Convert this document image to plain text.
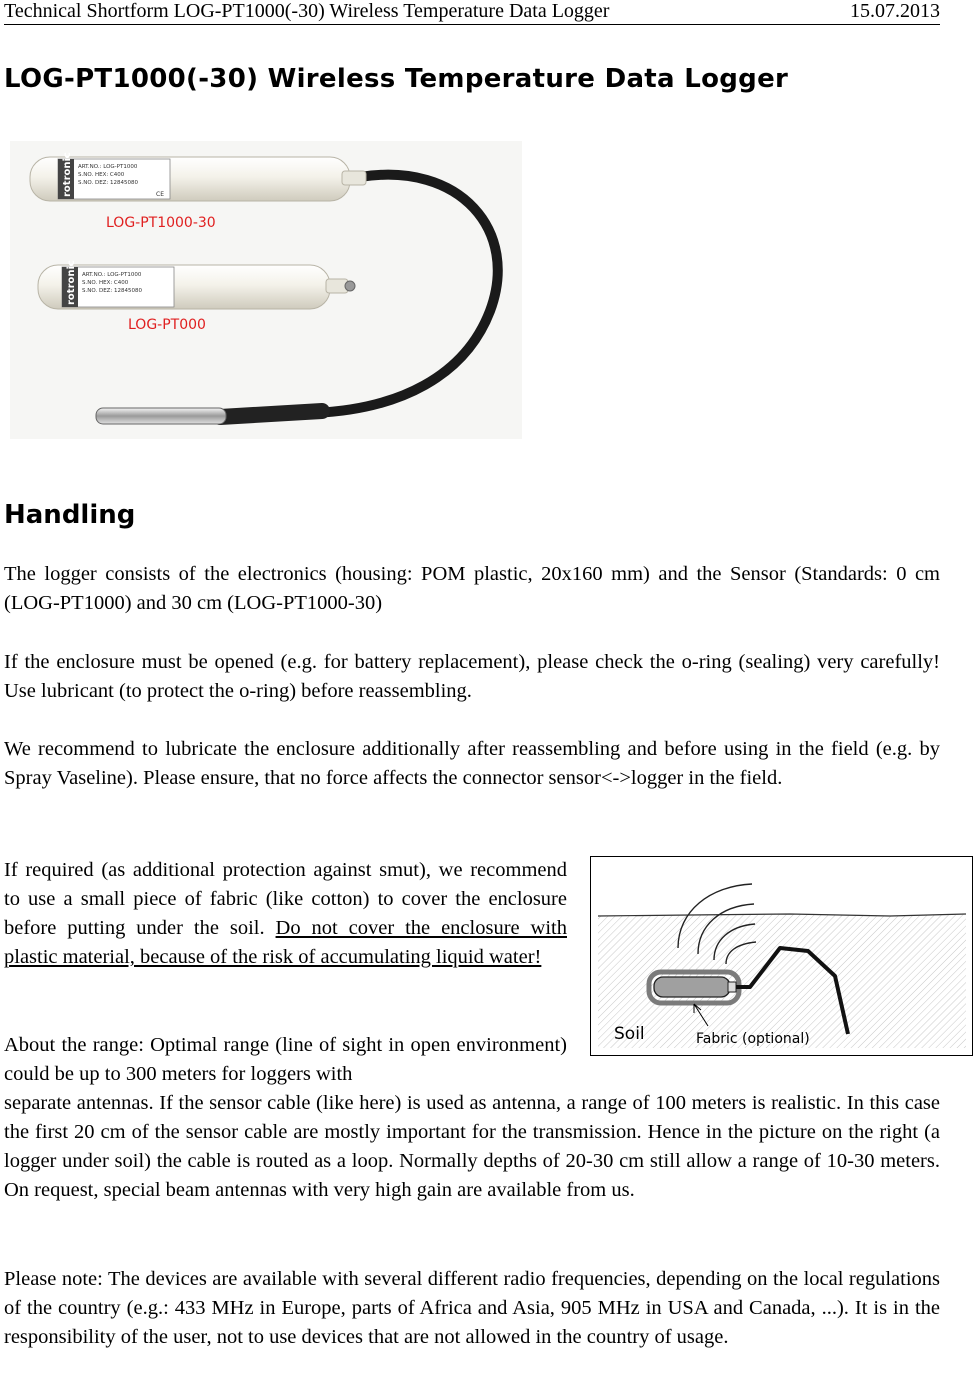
Technical Shortform LOG-PT1000(-30) Wireless Temperature Data Logger	15.07.2013
LOG-PT1000(-30) Wireless Temperature Data Logger
rotronic ART.NO.: LOG-PT1000
S.NO. HEX: C400
S.NO. DEZ: 12845080
CE
LOG-PT1000-30
rotronic ART.NO.: LOG-PT1000
S.NO. HEX: C400
S.NO. DEZ: 12845080
LOG-PT000
Handling

The logger consists of the electronics (housing: POM plastic, 20x160 mm) and the Sensor (Standards: 0 cm (LOG-PT1000) and 30 cm (LOG-PT1000-30)

If the enclosure must be opened (e.g. for battery replacement), please check the o-ring (sealing) very carefully! Use lubricant (to protect the o-ring) before reassembling.

We recommend to lubricate the enclosure additionally after reassembling and before using in the field (e.g. by Spray Vaseline). Please ensure, that no force affects the connector sensor<->logger in the field.

If required (as additional protection against smut), we recommend to use a small piece of fabric (like cotton) to cover the enclosure before putting under the soil. Do not cover the enclosure with plastic material, because of the risk of accumulating liquid water!

About the range: Optimal range (line of sight in open environment) could be up to 300 meters for loggers with

separate antennas. If the sensor cable (like here) is used as antenna, a range of 100 meters is realistic. In this case the first 20 cm of the sensor cable are mostly important for the transmission. Hence in the picture on the right (a logger under soil) the cable is routed as a loop. Normally depths of 20-30 cm still allow a range of 10-30 meters. On request, special beam antennas with very high gain are available from us.

Please note: The devices are available with several different radio frequencies, depending on the local regulations of the country (e.g.: 433 MHz in Europe, parts of Africa and Asia, 905 MHz in USA and Canada, ...). It is in the responsibility of the user, not to use devices that are not allowed in the country of usage.

Soil	Fabric (optional)
